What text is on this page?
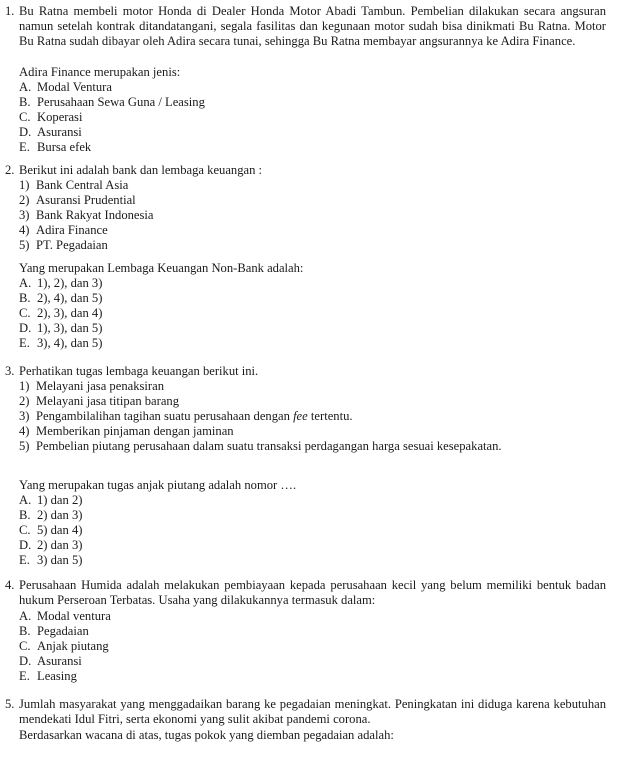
1. Bu Ratna membeli motor Honda di Dealer Honda Motor Abadi Tambun. Pembelian dilakukan secara angsuran namun setelah kontrak ditandatangani, segala fasilitas dan kegunaan motor sudah bisa dinikmati Bu Ratna. Motor Bu Ratna sudah dibayar oleh Adira secara tunai, sehingga Bu Ratna membayar angsurannya ke Adira Finance.
Adira Finance merupakan jenis:
A. Modal Ventura
B. Perusahaan Sewa Guna / Leasing
C. Koperasi
D. Asuransi
E. Bursa efek
2. Berikut ini adalah bank dan lembaga keuangan :
1) Bank Central Asia
2) Asuransi Prudential
3) Bank Rakyat Indonesia
4) Adira Finance
5) PT. Pegadaian
Yang merupakan Lembaga Keuangan Non-Bank adalah:
A. 1), 2), dan 3)
B. 2), 4), dan 5)
C. 2), 3), dan 4)
D. 1), 3), dan 5)
E. 3), 4), dan 5)
3. Perhatikan tugas lembaga keuangan berikut ini.
1) Melayani jasa penaksiran
2) Melayani jasa titipan barang
3) Pengambilalihan tagihan suatu perusahaan dengan fee tertentu.
4) Memberikan pinjaman dengan jaminan
5) Pembelian piutang perusahaan dalam suatu transaksi perdagangan harga sesuai kesepakatan.
Yang merupakan tugas anjak piutang adalah nomor ….
A. 1) dan 2)
B. 2) dan 3)
C. 5) dan 4)
D. 2) dan 3)
E. 3) dan 5)
4. Perusahaan Humida adalah melakukan pembiayaan kepada perusahaan kecil yang belum memiliki bentuk badan hukum Perseroan Terbatas. Usaha yang dilakukannya termasuk dalam:
A. Modal ventura
B. Pegadaian
C. Anjak piutang
D. Asuransi
E. Leasing
5. Jumlah masyarakat yang menggadaikan barang ke pegadaian meningkat. Peningkatan ini diduga karena kebutuhan mendekati Idul Fitri, serta ekonomi yang sulit akibat pandemi corona.
Berdasarkan wacana di atas, tugas pokok yang diemban pegadaian adalah:
